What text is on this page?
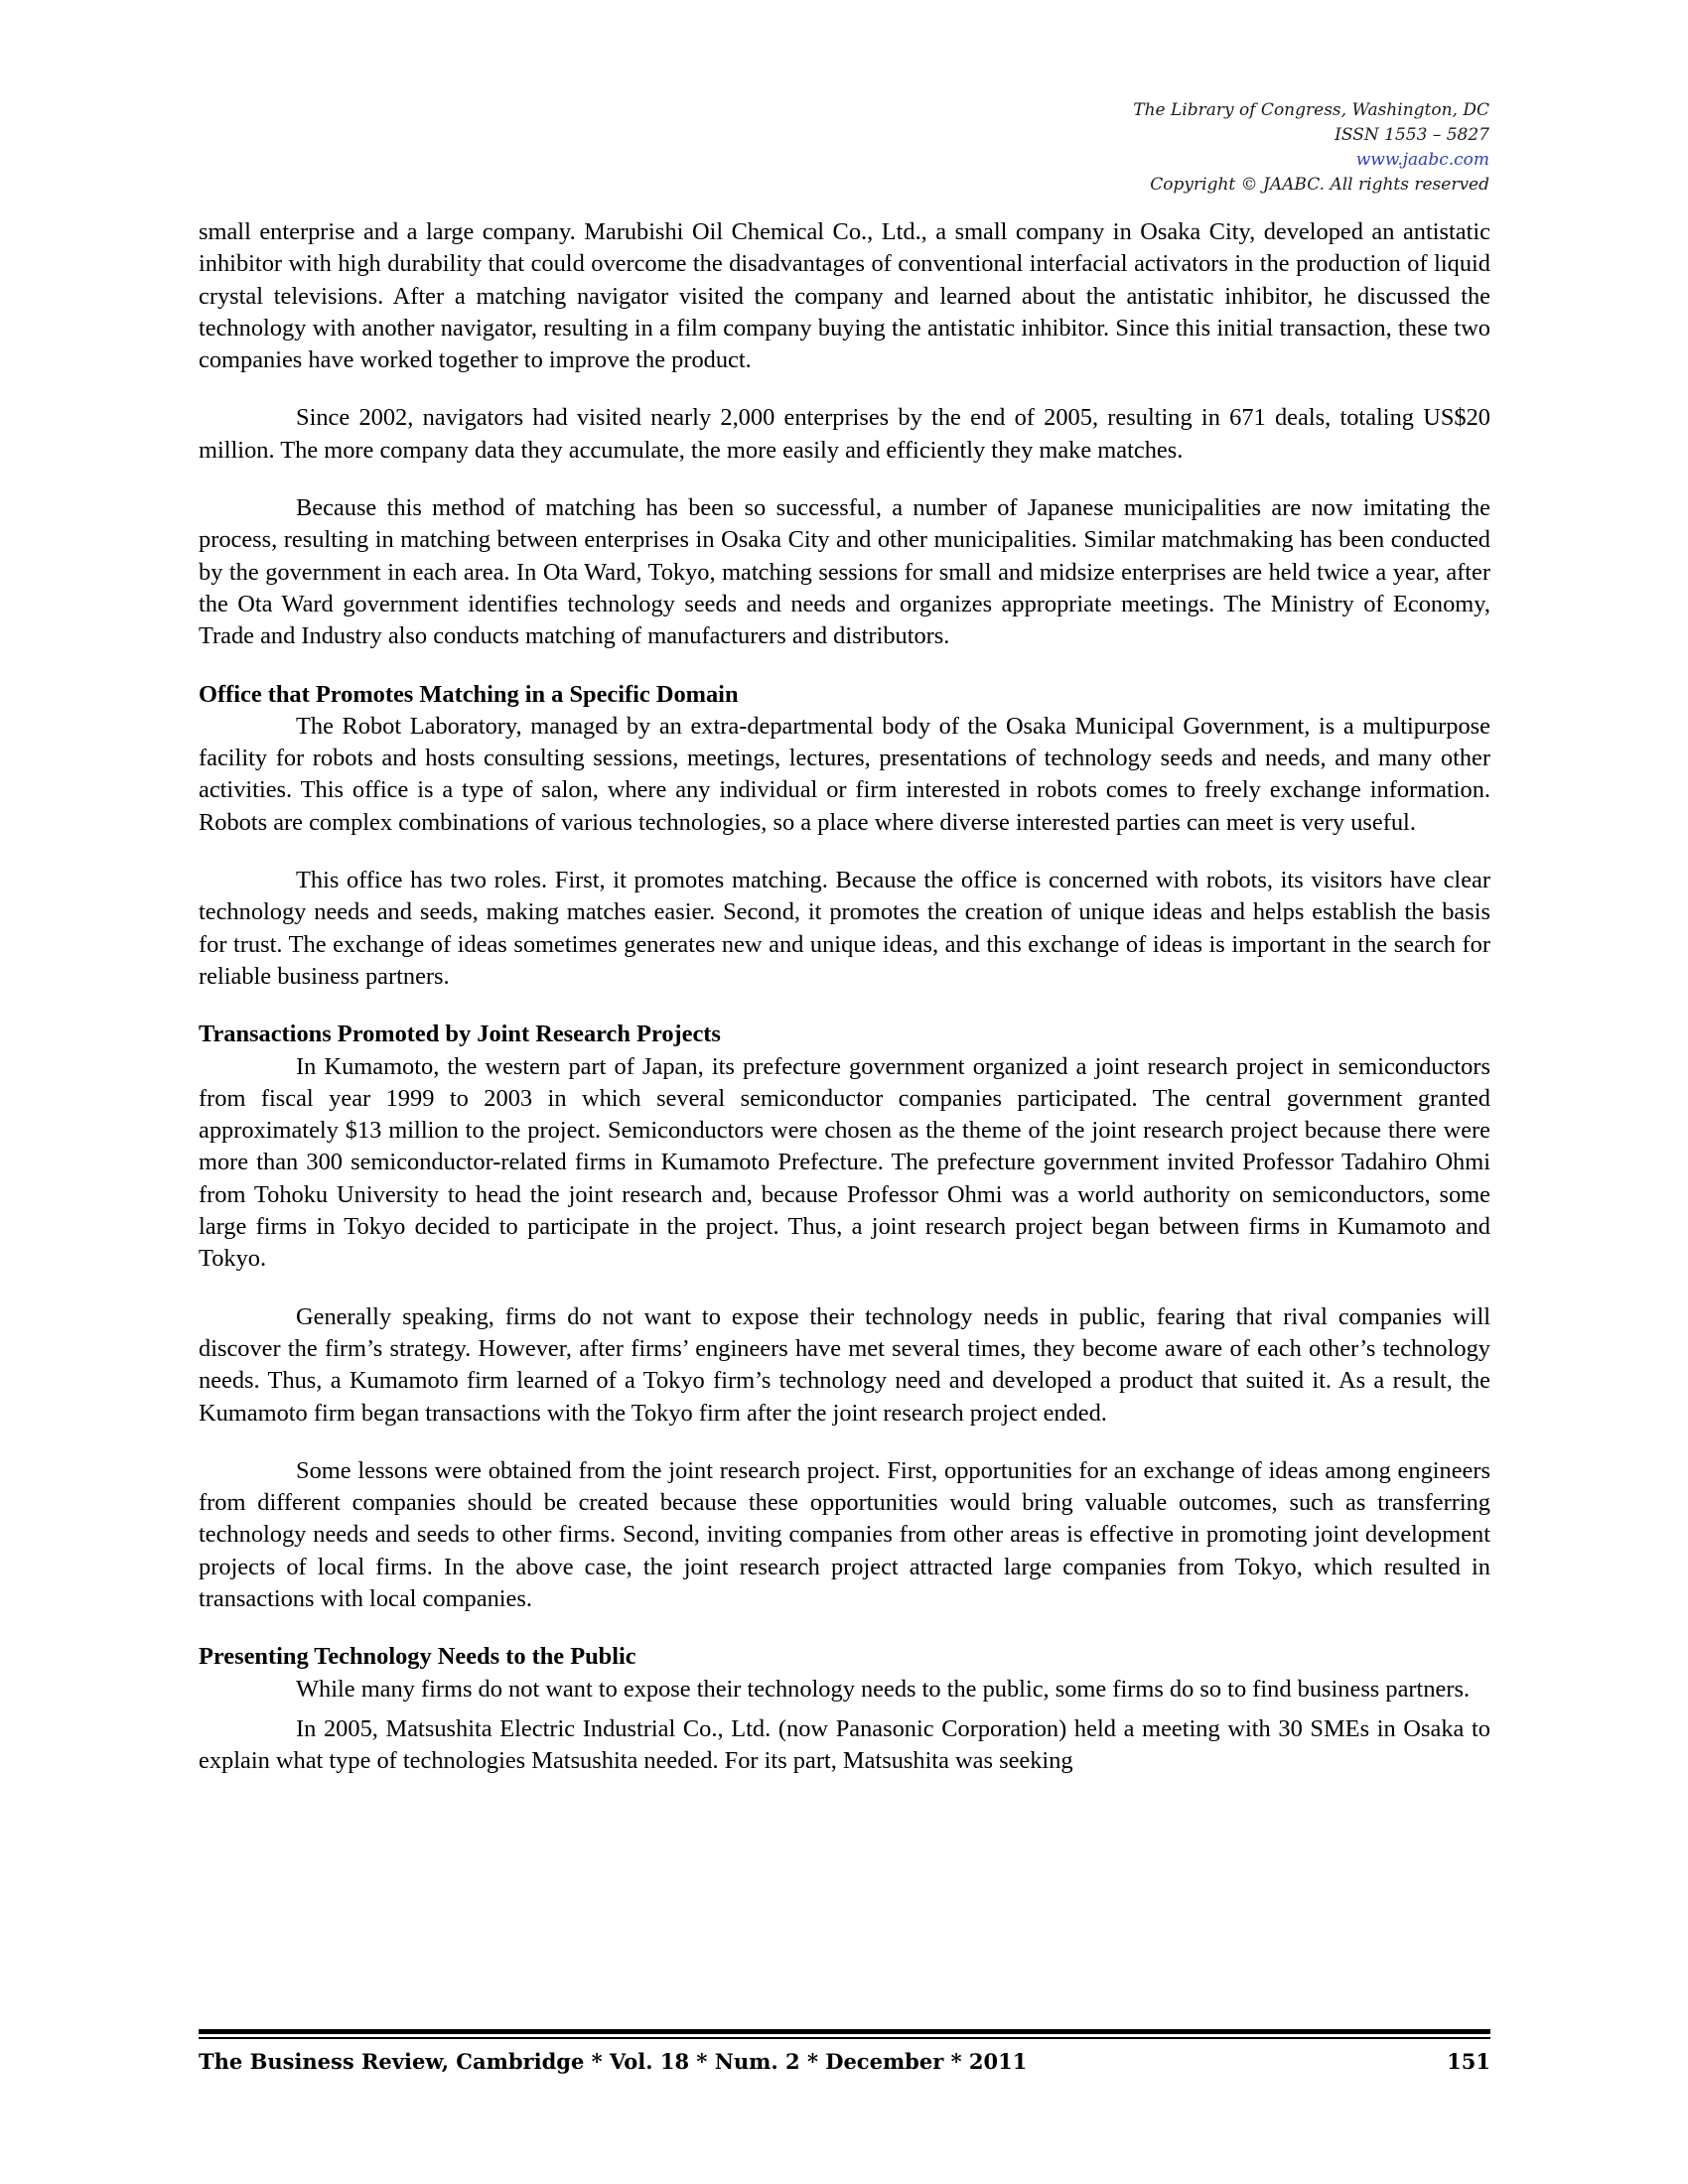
The Library of Congress, Washington, DC
ISSN 1553 – 5827
www.jaabc.com
Copyright © JAABC. All rights reserved

small enterprise and a large company. Marubishi Oil Chemical Co., Ltd., a small company in Osaka City, developed an antistatic inhibitor with high durability that could overcome the disadvantages of conventional interfacial activators in the production of liquid crystal televisions. After a matching navigator visited the company and learned about the antistatic inhibitor, he discussed the technology with another navigator, resulting in a film company buying the antistatic inhibitor. Since this initial transaction, these two companies have worked together to improve the product.

Since 2002, navigators had visited nearly 2,000 enterprises by the end of 2005, resulting in 671 deals, totaling US$20 million. The more company data they accumulate, the more easily and efficiently they make matches.

Because this method of matching has been so successful, a number of Japanese municipalities are now imitating the process, resulting in matching between enterprises in Osaka City and other municipalities. Similar matchmaking has been conducted by the government in each area. In Ota Ward, Tokyo, matching sessions for small and midsize enterprises are held twice a year, after the Ota Ward government identifies technology seeds and needs and organizes appropriate meetings. The Ministry of Economy, Trade and Industry also conducts matching of manufacturers and distributors.

Office that Promotes Matching in a Specific Domain

The Robot Laboratory, managed by an extra-departmental body of the Osaka Municipal Government, is a multipurpose facility for robots and hosts consulting sessions, meetings, lectures, presentations of technology seeds and needs, and many other activities. This office is a type of salon, where any individual or firm interested in robots comes to freely exchange information. Robots are complex combinations of various technologies, so a place where diverse interested parties can meet is very useful.

This office has two roles. First, it promotes matching. Because the office is concerned with robots, its visitors have clear technology needs and seeds, making matches easier. Second, it promotes the creation of unique ideas and helps establish the basis for trust. The exchange of ideas sometimes generates new and unique ideas, and this exchange of ideas is important in the search for reliable business partners.

Transactions Promoted by Joint Research Projects

In Kumamoto, the western part of Japan, its prefecture government organized a joint research project in semiconductors from fiscal year 1999 to 2003 in which several semiconductor companies participated. The central government granted approximately $13 million to the project. Semiconductors were chosen as the theme of the joint research project because there were more than 300 semiconductor-related firms in Kumamoto Prefecture. The prefecture government invited Professor Tadahiro Ohmi from Tohoku University to head the joint research and, because Professor Ohmi was a world authority on semiconductors, some large firms in Tokyo decided to participate in the project. Thus, a joint research project began between firms in Kumamoto and Tokyo.

Generally speaking, firms do not want to expose their technology needs in public, fearing that rival companies will discover the firm’s strategy. However, after firms’ engineers have met several times, they become aware of each other’s technology needs. Thus, a Kumamoto firm learned of a Tokyo firm’s technology need and developed a product that suited it. As a result, the Kumamoto firm began transactions with the Tokyo firm after the joint research project ended.

Some lessons were obtained from the joint research project. First, opportunities for an exchange of ideas among engineers from different companies should be created because these opportunities would bring valuable outcomes, such as transferring technology needs and seeds to other firms. Second, inviting companies from other areas is effective in promoting joint development projects of local firms. In the above case, the joint research project attracted large companies from Tokyo, which resulted in transactions with local companies.

Presenting Technology Needs to the Public

While many firms do not want to expose their technology needs to the public, some firms do so to find business partners.

In 2005, Matsushita Electric Industrial Co., Ltd. (now Panasonic Corporation) held a meeting with 30 SMEs in Osaka to explain what type of technologies Matsushita needed. For its part, Matsushita was seeking

The Business Review, Cambridge * Vol. 18 * Num. 2 * December * 2011	151
